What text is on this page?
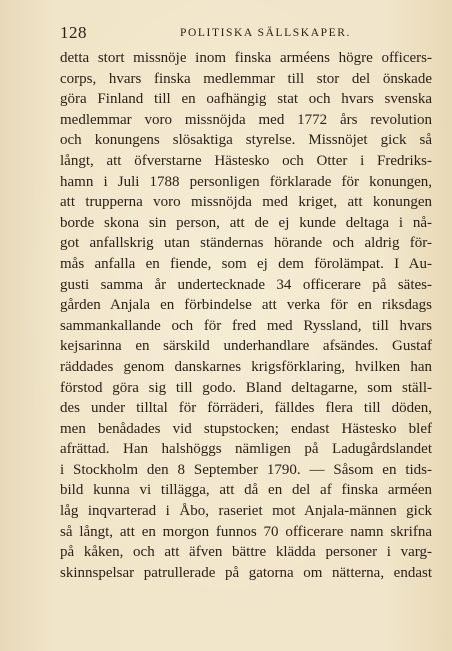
128	POLITISKA SÄLLSKAPER.
detta stort missnöje inom finska arméens högre officers-
corps, hvars finska medlemmar till stor del önskade
göra Finland till en oafhängig stat och hvars svenska
medlemmar voro missnöjda med 1772 års revolution
och konungens slösaktiga styrelse. Missnöjet gick så
långt, att öfverstarne Hästesko och Otter i Fredriks-
hamn i Juli 1788 personligen förklarade för konungen,
att trupperna voro missnöjda med kriget, att konungen
borde skona sin person, att de ej kunde deltaga i nå-
got anfallskrig utan ständernas hörande och aldrig för-
mås anfalla en fiende, som ej dem förolämpat. I Au-
gusti samma år undertecknade 34 officerare på sätes-
gården Anjala en förbindelse att verka för en riksdags
sammankallande och för fred med Ryssland, till hvars
kejsarinna en särskild underhandlare afsändes. Gustaf
räddades genom danskarnes krigsförklaring, hvilken han
förstod göra sig till godo. Bland deltagarne, som ställ-
des under tilltal för förräderi, fälldes flera till döden,
men benådades vid stupstocken; endast Hästesko blef
afrättad. Han halshöggs nämligen på Ladugårdslandet
i Stockholm den 8 September 1790. — Såsom en tids-
bild kunna vi tillägga, att då en del af finska arméen
låg inqvarterad i Åbo, raseriet mot Anjala-männen gick
så långt, att en morgon funnos 70 officerare namn skrifna
på kåken, och att äfven bättre klädda personer i varg-
skinnspelsar patrullerade på gatorna om nätterna, endast
